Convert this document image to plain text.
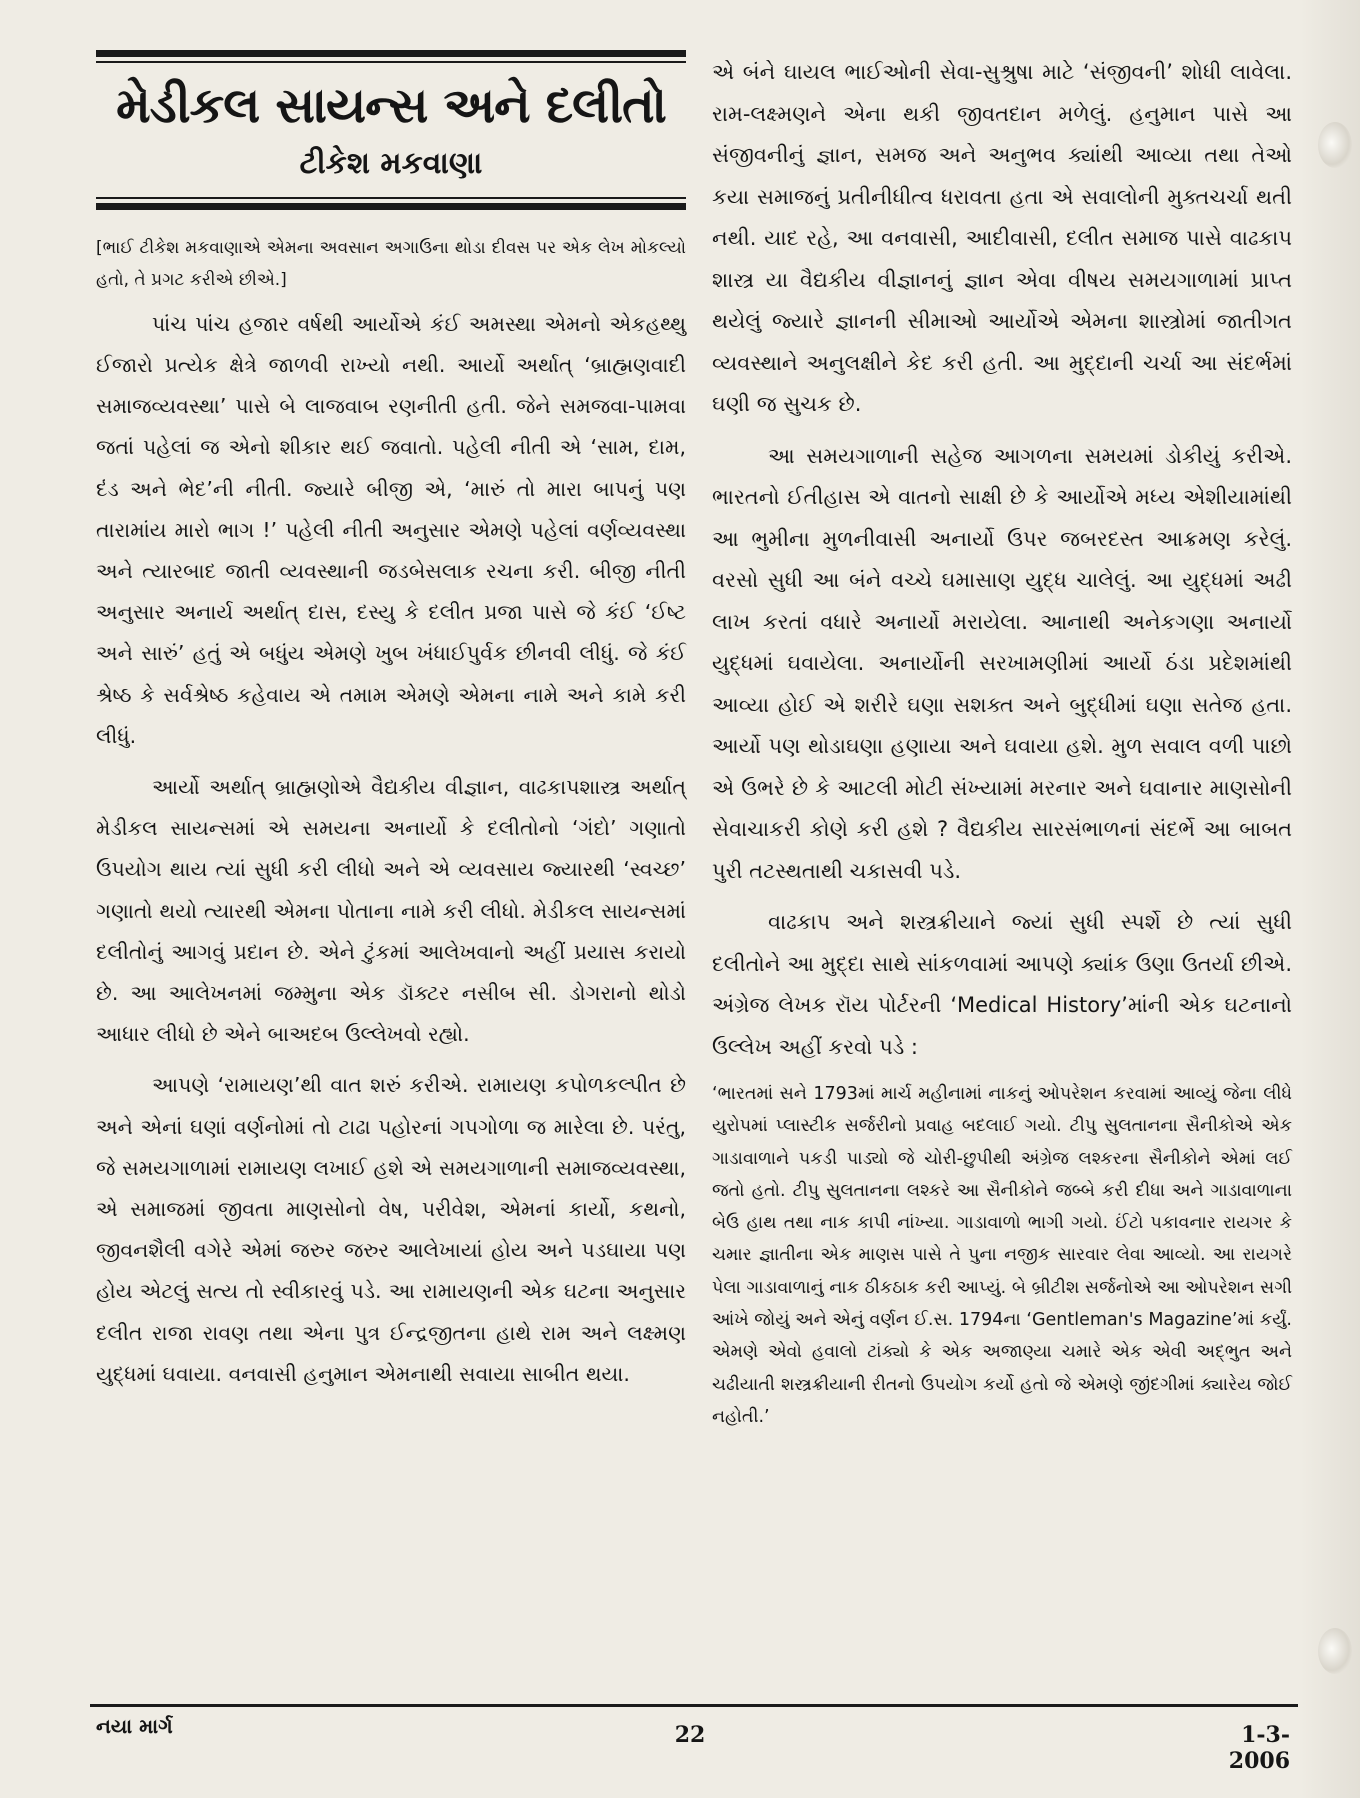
મેડીકલ સાયન્સ અને દલીતો
ટીકેશ મકવાણા
[ભાઈ ટીકેશ મકવાણાએ એમના અવસાન અગાઉના થોડા દીવસ પર એક લેખ મોકલ્યો હતો, તે પ્રગટ કરીએ છીએ.]

પાંચ પાંચ હજાર વર્ષથી આર્યોએ કંઈ અમસ્થા એમનો એકહથ્થુ ઈજારો પ્રત્યેક ક્ષેત્રે જાળવી રાખ્યો નથી. આર્યો અર્થાત્ ‘બ્રાહ્મણવાદી સમાજવ્યવસ્થા’ પાસે બે લાજવાબ રણનીતી હતી. જેને સમજવા-પામવા જતાં પહેલાં જ એનો શીકાર થઈ જવાતો. પહેલી નીતી એ ‘સામ, દામ, દંડ અને ભેદ’ની નીતી. જ્યારે બીજી એ, ‘મારું તો મારા બાપનું પણ તારામાંય મારો ભાગ !’ પહેલી નીતી અનુસાર એમણે પહેલાં વર્ણવ્યવસ્થા અને ત્યારબાદ જાતી વ્યવસ્થાની જડબેસલાક રચના કરી. બીજી નીતી અનુસાર અનાર્ય અર્થાત્ દાસ, દસ્યુ કે દલીત પ્રજા પાસે જે કંઈ ‘ઈષ્ટ અને સારું’ હતું એ બધુંય એમણે ખુબ ખંધાઈપુર્વક છીનવી લીધું. જે કંઈ શ્રેષ્ઠ કે સર્વશ્રેષ્ઠ કહેવાય એ તમામ એમણે એમના નામે અને કામે કરી લીધું.

આર્યો અર્થાત્ બ્રાહ્મણોએ વૈદ્યકીય વીજ્ઞાન, વાઢકાપશાસ્ત્ર અર્થાત્ મેડીકલ સાયન્સમાં એ સમયના અનાર્યો કે દલીતોનો ‘ગંદો’ ગણાતો ઉપયોગ થાય ત્યાં સુધી કરી લીધો અને એ વ્યવસાય જ્યારથી ‘સ્વચ્છ’ ગણાતો થયો ત્યારથી એમના પોતાના નામે કરી લીધો. મેડીકલ સાયન્સમાં દલીતોનું આગવું પ્રદાન છે. એને ટુંકમાં આલેખવાનો અહીં પ્રયાસ કરાયો છે. આ આલેખનમાં જમ્મુના એક ડૉક્ટર નસીબ સી. ડોગરાનો થોડો આધાર લીધો છે એને બાઅદબ ઉલ્લેખવો રહ્યો.

આપણે ‘રામાયણ’થી વાત શરું કરીએ. રામાયણ કપોળકલ્પીત છે અને એનાં ઘણાં વર્ણનોમાં તો ટાઢા પહોરનાં ગપગોળા જ મારેલા છે. પરંતુ, જે સમયગાળામાં રામાયણ લખાઈ હશે એ સમયગાળાની સમાજવ્યવસ્થા, એ સમાજમાં જીવતા માણસોનો વેષ, પરીવેશ, એમનાં કાર્યો, કથનો, જીવનશૈલી વગેરે એમાં જરુર જરુર આલેખાયાં હોય અને પડઘાયા પણ હોય એટલું સત્ય તો સ્વીકારવું પડે. આ રામાયણની એક ઘટના અનુસાર દલીત રાજા રાવણ તથા એના પુત્ર ઈન્દ્રજીતના હાથે રામ અને લક્ષ્મણ યુદ્ધમાં ઘવાયા. વનવાસી હનુમાન એમનાથી સવાયા સાબીત થયા.

એ બંને ઘાયલ ભાઈઓની સેવા-સુશ્રુષા માટે ‘સંજીવની’ શોધી લાવેલા. રામ-લક્ષ્મણને એના થકી જીવતદાન મળેલું. હનુમાન પાસે આ સંજીવનીનું જ્ઞાન, સમજ અને અનુભવ ક્યાંથી આવ્યા તથા તેઓ કયા સમાજનું પ્રતીનીધીત્વ ધરાવતા હતા એ સવાલોની મુક્તચર્ચા થતી નથી. યાદ રહે, આ વનવાસી, આદીવાસી, દલીત સમાજ પાસે વાઢકાપ શાસ્ત્ર યા વૈદ્યકીય વીજ્ઞાનનું જ્ઞાન એવા વીષય સમયગાળામાં પ્રાપ્ત થયેલું જ્યારે જ્ઞાનની સીમાઓ આર્યોએ એમના શાસ્ત્રોમાં જાતીગત વ્યવસ્થાને અનુલક્ષીને કેદ કરી હતી. આ મુદ્દાની ચર્ચા આ સંદર્ભમાં ઘણી જ સુચક છે.

આ સમયગાળાની સહેજ આગળના સમયમાં ડોકીયું કરીએ. ભારતનો ઈતીહાસ એ વાતનો સાક્ષી છે કે આર્યોએ મધ્ય એશીયામાંથી આ ભુમીના મુળનીવાસી અનાર્યો ઉપર જબરદસ્ત આક્રમણ કરેલું. વરસો સુધી આ બંને વચ્ચે ઘમાસાણ યુદ્ધ ચાલેલું. આ યુદ્ધમાં અઢી લાખ કરતાં વધારે અનાર્યો મરાયેલા. આનાથી અનેકગણા અનાર્યો યુદ્ધમાં ઘવાયેલા. અનાર્યોની સરખામણીમાં આર્યો ઠંડા પ્રદેશમાંથી આવ્યા હોઈ એ શરીરે ઘણા સશક્ત અને બુદ્ધીમાં ઘણા સતેજ હતા. આર્યો પણ થોડાઘણા હણાયા અને ઘવાયા હશે. મુળ સવાલ વળી પાછો એ ઉભરે છે કે આટલી મોટી સંખ્યામાં મરનાર અને ઘવાનાર માણસોની સેવાચાકરી કોણે કરી હશે ? વૈદ્યકીય સારસંભાળનાં સંદર્ભે આ બાબત પુરી તટસ્થતાથી ચકાસવી પડે.

વાઢકાપ અને શસ્ત્રક્રીયાને જ્યાં સુધી સ્પર્શે છે ત્યાં સુધી દલીતોને આ મુદ્દા સાથે સાંકળવામાં આપણે ક્યાંક ઉણા ઉતર્યા છીએ. અંગ્રેજ લેખક રૉય પોર્ટરની ‘Medical History’માંની એક ઘટનાનો ઉલ્લેખ અહીં કરવો પડે :

‘ભારતમાં સને 1793માં માર્ચ મહીનામાં નાકનું ઓપરેશન કરવામાં આવ્યું જેના લીધે યુરોપમાં પ્લાસ્ટીક સર્જરીનો પ્રવાહ બદલાઈ ગયો. ટીપુ સુલતાનના સૈનીકોએ એક ગાડાવાળાને પકડી પાડ્યો જે ચોરી-છુપીથી અંગ્રેજ લશ્કરના સૈનીકોને એમાં લઈ જતો હતો. ટીપુ સુલતાનના લશ્કરે આ સૈનીકોને જબ્બે કરી દીધા અને ગાડાવાળાના બેઉ હાથ તથા નાક કાપી નાંખ્યા. ગાડાવાળો ભાગી ગયો. ઈંટો પકાવનાર રાયગર કે ચમાર જ્ઞાતીના એક માણસ પાસે તે પુના નજીક સારવાર લેવા આવ્યો. આ રાયગરે પેલા ગાડાવાળાનું નાક ઠીકઠાક કરી આપ્યું. બે બ્રીટીશ સર્જનોએ આ ઓપરેશન સગી આંખે જોયું અને એનું વર્ણન ઈ.સ. 1794ના ‘Gentleman's Magazine’માં કર્યું. એમણે એવો હવાલો ટાંક્યો કે એક અજાણ્યા ચમારે એક એવી અદ્ભુત અને ચઢીયાતી શસ્ત્રક્રીયાની રીતનો ઉપયોગ કર્યો હતો જે એમણે જીંદગીમાં ક્યારેય જોઈ નહોતી.’

નયા માર્ગ	22	1-3-2006
